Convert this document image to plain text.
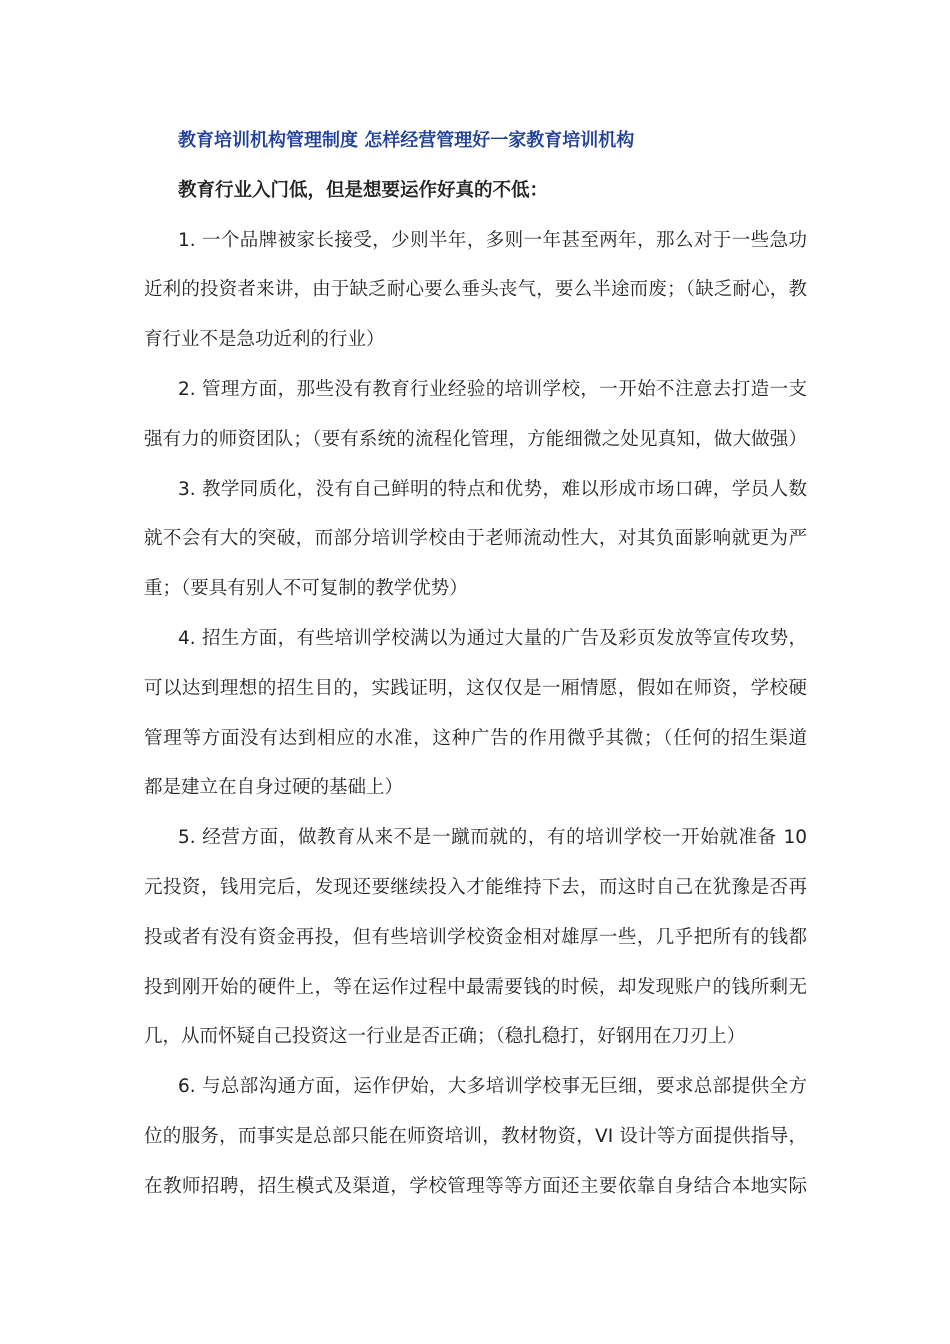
教育培训机构管理制度 怎样经营管理好一家教育培训机构
教育行业入门低，但是想要运作好真的不低：
1. 一个品牌被家长接受，少则半年，多则一年甚至两年，那么对于一些急功
近利的投资者来讲，由于缺乏耐心要么垂头丧气，要么半途而废；（缺乏耐心，教
育行业不是急功近利的行业）
2. 管理方面，那些没有教育行业经验的培训学校，一开始不注意去打造一支
强有力的师资团队；（要有系统的流程化管理，方能细微之处见真知，做大做强）
3. 教学同质化，没有自己鲜明的特点和优势，难以形成市场口碑，学员人数
就不会有大的突破，而部分培训学校由于老师流动性大，对其负面影响就更为严
重；（要具有别人不可复制的教学优势）
4. 招生方面，有些培训学校满以为通过大量的广告及彩页发放等宣传攻势，
可以达到理想的招生目的，实践证明，这仅仅是一厢情愿，假如在师资，学校硬
管理等方面没有达到相应的水准，这种广告的作用微乎其微；（任何的招生渠道
都是建立在自身过硬的基础上）
5. 经营方面，做教育从来不是一蹴而就的，有的培训学校一开始就准备 10
元投资，钱用完后，发现还要继续投入才能维持下去，而这时自己在犹豫是否再
投或者有没有资金再投，但有些培训学校资金相对雄厚一些，几乎把所有的钱都
投到刚开始的硬件上，等在运作过程中最需要钱的时候，却发现账户的钱所剩无
几，从而怀疑自己投资这一行业是否正确；（稳扎稳打，好钢用在刀刃上）
6. 与总部沟通方面，运作伊始，大多培训学校事无巨细，要求总部提供全方
位的服务，而事实是总部只能在师资培训，教材物资，VI 设计等方面提供指导，
在教师招聘，招生模式及渠道，学校管理等等方面还主要依靠自身结合本地实际
